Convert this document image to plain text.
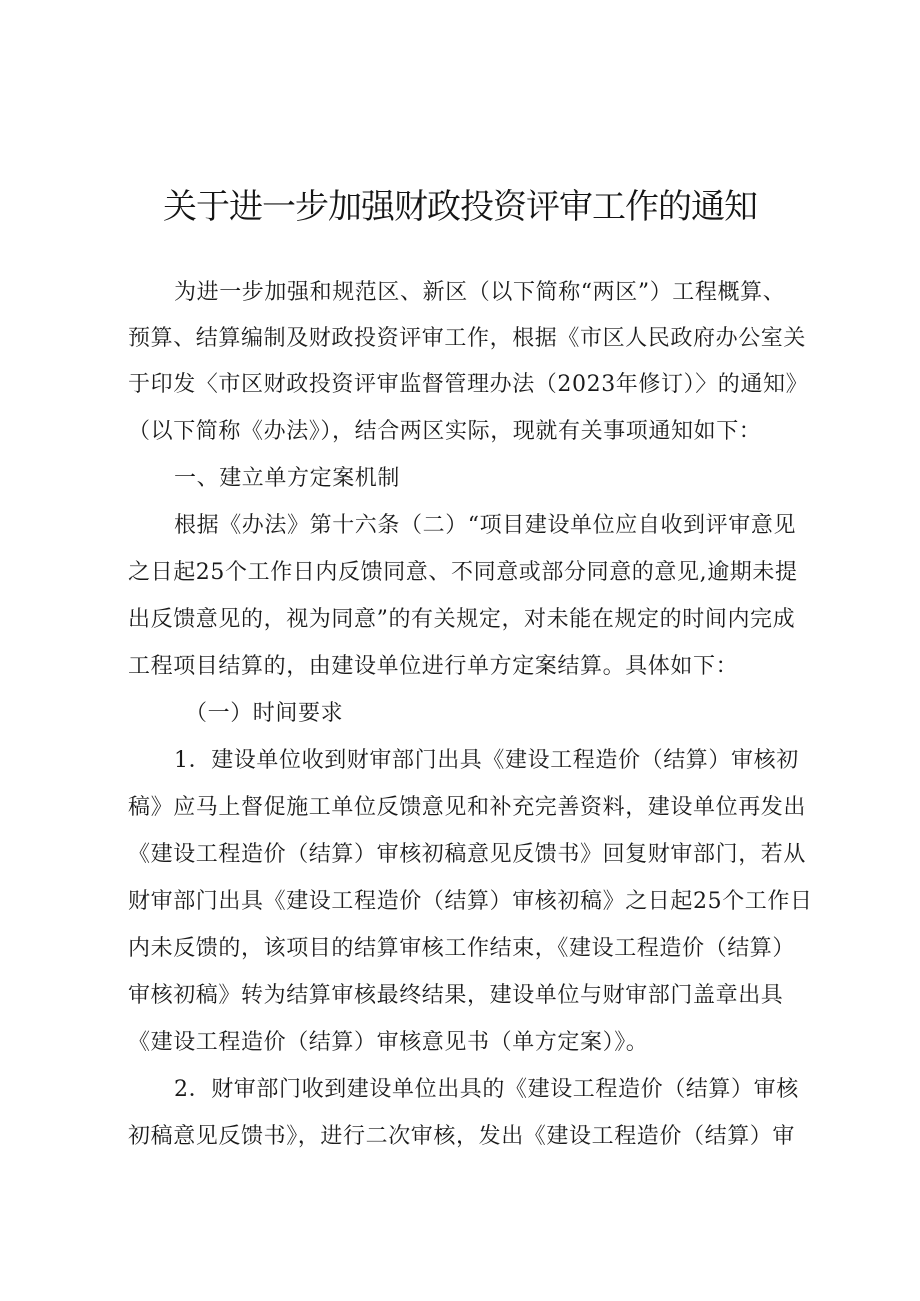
关于进一步加强财政投资评审工作的通知
为进一步加强和规范区、新区（以下简称“两区”）工程概算、
预算、结算编制及财政投资评审工作，根据《市区人民政府办公室关
于印发〈市区财政投资评审监督管理办法（2023年修订）〉的通知》
（以下简称《办法》），结合两区实际，现就有关事项通知如下：
一、建立单方定案机制
根据《办法》第十六条（二）“项目建设单位应自收到评审意见
之日起25个工作日内反馈同意、不同意或部分同意的意见,逾期未提
出反馈意见的，视为同意”的有关规定，对未能在规定的时间内完成
工程项目结算的，由建设单位进行单方定案结算。具体如下：
（一）时间要求
1．建设单位收到财审部门出具《建设工程造价（结算）审核初
稿》应马上督促施工单位反馈意见和补充完善资料，建设单位再发出
《建设工程造价（结算）审核初稿意见反馈书》回复财审部门，若从
财审部门出具《建设工程造价（结算）审核初稿》之日起25个工作日
内未反馈的，该项目的结算审核工作结束，《建设工程造价（结算）
审核初稿》转为结算审核最终结果，建设单位与财审部门盖章出具
《建设工程造价（结算）审核意见书（单方定案）》。
2．财审部门收到建设单位出具的《建设工程造价（结算）审核
初稿意见反馈书》，进行二次审核，发出《建设工程造价（结算）审
